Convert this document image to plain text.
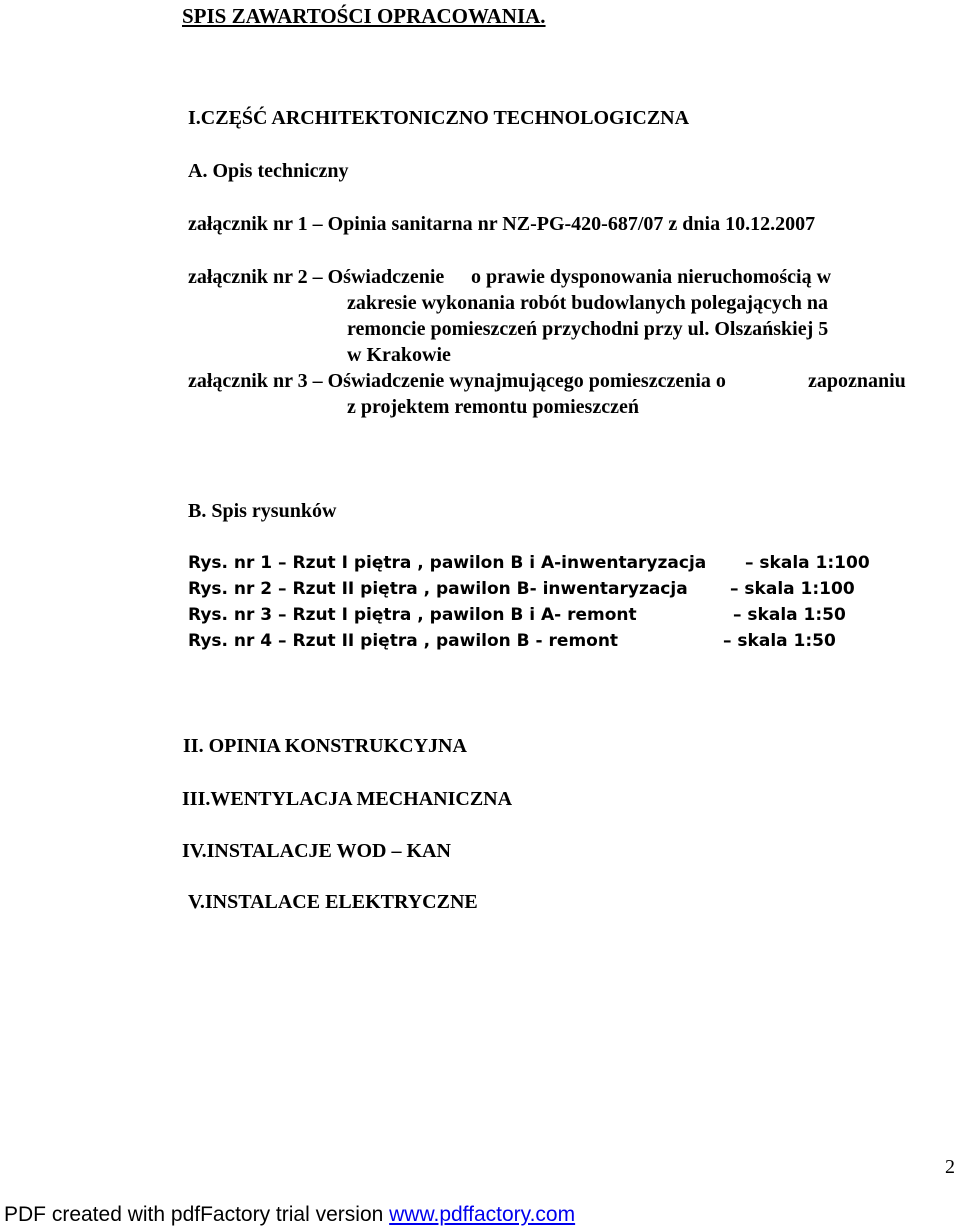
SPIS ZAWARTOŚCI OPRACOWANIA.
I.CZĘŚĆ ARCHITEKTONICZNO TECHNOLOGICZNA
A. Opis techniczny
załącznik nr 1 – Opinia sanitarna nr NZ-PG-420-687/07 z dnia 10.12.2007
załącznik nr 2 – Oświadczenie o prawie dysponowania nieruchomością w
zakresie wykonania robót budowlanych polegających na
remoncie pomieszczeń przychodni przy ul. Olszańskiej 5
w Krakowie
załącznik nr 3 – Oświadczenie wynajmującego pomieszczenia o	zapoznaniu
z projektem remontu pomieszczeń
B. Spis rysunków
Rys. nr 1 – Rzut I piętra , pawilon B i A-inwentaryzacja – skala 1:100
Rys. nr 2 – Rzut II piętra , pawilon B- inwentaryzacja – skala 1:100
Rys. nr 3 – Rzut I piętra , pawilon B i A- remont	– skala 1:50
Rys. nr 4 – Rzut II piętra , pawilon B - remont	– skala 1:50
II. OPINIA KONSTRUKCYJNA
III.WENTYLACJA MECHANICZNA
IV.INSTALACJE WOD – KAN
V.INSTALACE ELEKTRYCZNE
2
PDF created with pdfFactory trial version www.pdffactory.com
